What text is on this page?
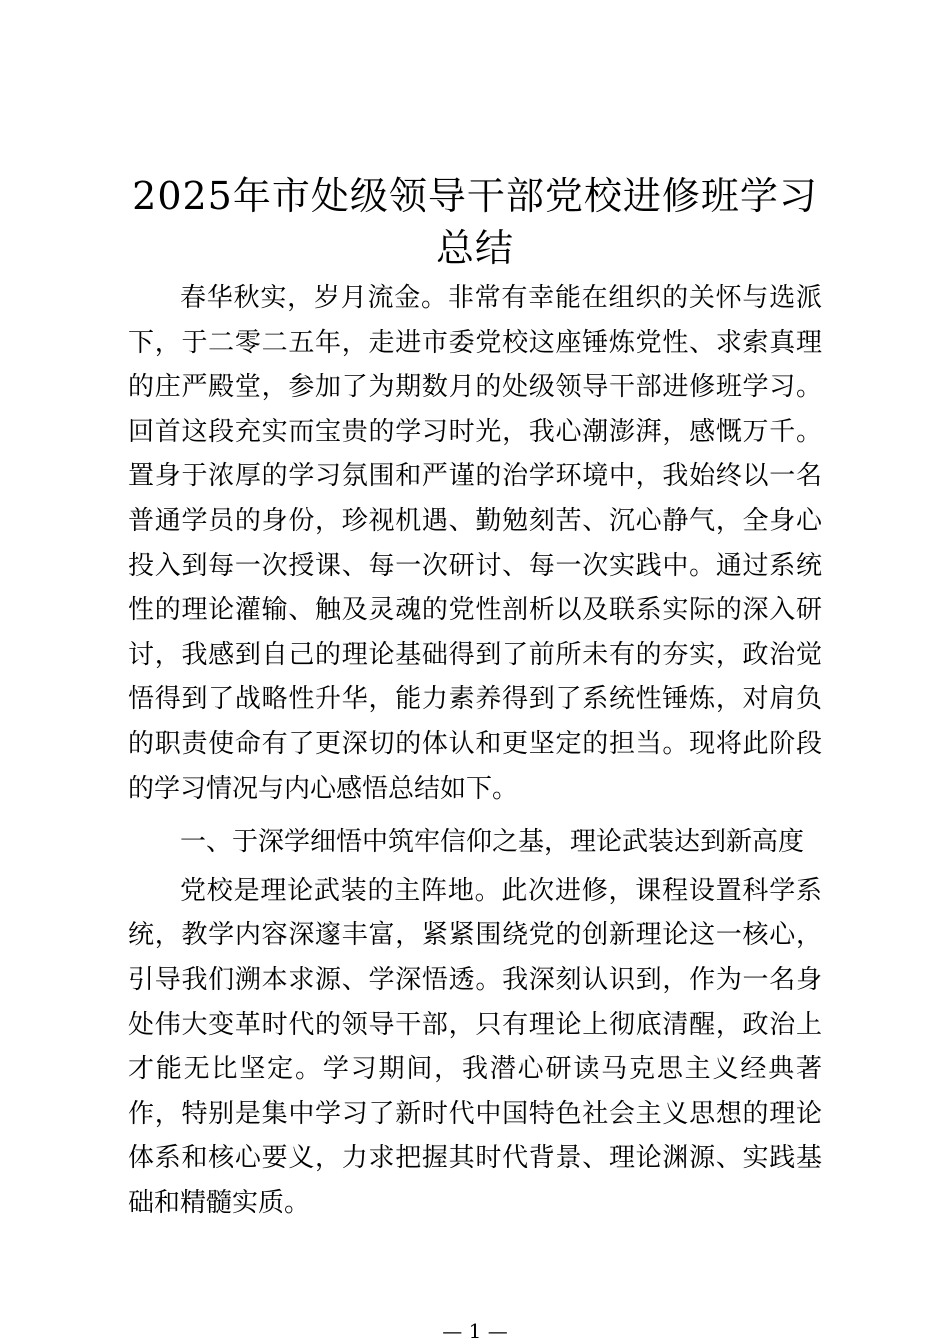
2025年市处级领导干部党校进修班学习总结

春华秋实，岁月流金。非常有幸能在组织的关怀与选派下，于二零二五年，走进市委党校这座锤炼党性、求索真理的庄严殿堂，参加了为期数月的处级领导干部进修班学习。回首这段充实而宝贵的学习时光，我心潮澎湃，感慨万千。置身于浓厚的学习氛围和严谨的治学环境中，我始终以一名普通学员的身份，珍视机遇、勤勉刻苦、沉心静气，全身心投入到每一次授课、每一次研讨、每一次实践中。通过系统性的理论灌输、触及灵魂的党性剖析以及联系实际的深入研讨，我感到自己的理论基础得到了前所未有的夯实，政治觉悟得到了战略性升华，能力素养得到了系统性锤炼，对肩负的职责使命有了更深切的体认和更坚定的担当。现将此阶段的学习情况与内心感悟总结如下。

一、于深学细悟中筑牢信仰之基，理论武装达到新高度

党校是理论武装的主阵地。此次进修，课程设置科学系统，教学内容深邃丰富，紧紧围绕党的创新理论这一核心，引导我们溯本求源、学深悟透。我深刻认识到，作为一名身处伟大变革时代的领导干部，只有理论上彻底清醒，政治上才能无比坚定。学习期间，我潜心研读马克思主义经典著作，特别是集中学习了新时代中国特色社会主义思想的理论体系和核心要义，力求把握其时代背景、理论渊源、实践基础和精髓实质。

— 1 —
